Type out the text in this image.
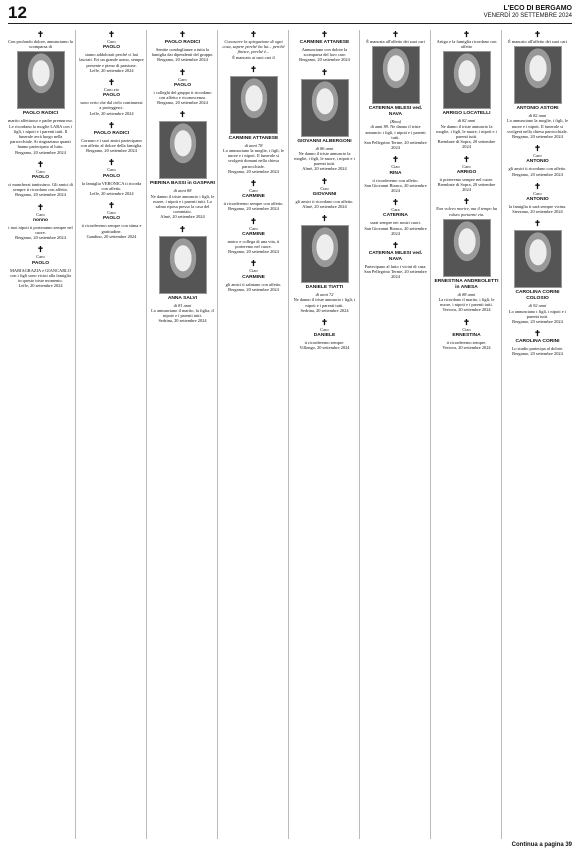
12	L'ECO DI BERGAMO
VENERDÌ 20 SETTEMBRE 2024
✝
Con profondo dolore, annunciamo la scomparsa di
PAOLO RADICI
marito affettuoso e padre premuroso. Le ricordano la moglie LARA con i figli, i nipoti e i parenti tutti. Il funerale avrà luogo nella parrocchiale. Si ringraziano quanti hanno partecipato al lutto.
Bergamo, 20 settembre 2024
✝
Caro
PAOLO
ci mancherai tantissimo. Gli amici di sempre ti ricordano con affetto.
Bergamo, 20 settembre 2024
✝
Caro
nonno
i tuoi nipoti ti porteranno sempre nel cuore.
Bergamo, 20 settembre 2024
✝
Caro
PAOLO
MARIAGRAZIA e GIANCARLO con i figli sono vicini alla famiglia in questo triste momento.
Leffe, 20 settembre 2024
✝
Caro
PAOLO
siamo addolorati perché ci hai lasciati. Eri un grande uomo, sempre presente e pieno di passione.
Leffe, 20 settembre 2024
✝
Caro zio
PAOLO
sono certo che dal cielo continuerai a proteggerci.
Leffe, 20 settembre 2024
✝
PAOLO RADICI
Cornaro e i suoi amici partecipano con affetto al dolore della famiglia.
Bergamo, 20 settembre 2024
✝
Caro
PAOLO
la famiglia VERONICA ti ricorda con affetto.
Leffe, 20 settembre 2024
✝
Caro
PAOLO
ti ricorderemo sempre con stima e gratitudine.
Gandino, 20 settembre 2024
✝
PAOLO RADICI
Sentite condoglianze a tutta la famiglia dai dipendenti del gruppo.
Bergamo, 20 settembre 2024
✝
Caro
PAOLO
i colleghi del gruppo ti ricordano con affetto e riconoscenza.
Bergamo, 20 settembre 2024
✝
PIERINA BASSI in GASPARI
di anni 88
Ne danno il triste annuncio i figli, le nuore, i nipoti e i parenti tutti. La salma riposa presso la casa del commiato.
Almè, 20 settembre 2024
✝
ANNA SALVI
di 81 anni
Lo annunciano il marito, la figlia, il nipote e i parenti tutti.
Sedrina, 20 settembre 2024
✝
Conoscere la spiegazione di ogni cosa, sapere perché ha lui... perché finisce, perché è...
È mancato ai suoi cari il
✝
CARMINE ATTANESE
di anni 78
Lo annunciano la moglie, i figli, le nuore e i nipoti. Il funerale si svolgerà domani nella chiesa parrocchiale.
Bergamo, 20 settembre 2024
✝
Caro
CARMINE
ti ricorderemo sempre con affetto.
Bergamo, 20 settembre 2024
✝
Caro
CARMINE
amico e collega di una vita, ti porteremo nel cuore.
Bergamo, 20 settembre 2024
✝
Ciao
CARMINE
gli amici ti salutano con affetto.
Bergamo, 20 settembre 2024
✝
CARMINE ATTANESE
Annunciano con dolore la scomparsa del loro caro
Bergamo, 20 settembre 2024
✝
GIOVANNI ALBERGONI
di 86 anni
Ne danno il triste annuncio la moglie, i figli, le nuore, i nipoti e i parenti tutti.
Almè, 20 settembre 2024
✝
Ciao
GIOVANNI
gli amici ti ricordano con affetto.
Almè, 20 settembre 2024
✝
DANIELE TIATTI
di anni 72
Ne danno il triste annuncio i figli, i nipoti e i parenti tutti.
Sedrina, 20 settembre 2024
✝
Caro
DANIELE
ti ricorderemo sempre.
Villongo, 20 settembre 2024
✝
È mancata all'affetto dei suoi cari
CATERINA MILESI ved. NAVA
(Rina)
di anni 89. Ne danno il triste annuncio i figli, i nipoti e i parenti tutti.
San Pellegrino Terme, 20 settembre 2024
✝
Ciao
RINA
ti ricorderemo con affetto.
San Giovanni Bianco, 20 settembre 2024
✝
Cara
CATERINA
sarai sempre nei nostri cuori.
San Giovanni Bianco, 20 settembre 2024
✝
CATERINA MILESI ved. NAVA
Partecipano al lutto i vicini di casa.
San Pellegrino Terme, 20 settembre 2024
✝
Artigo e la famiglia ricordano con affetto
ARRIGO LOCATELLI
di 82 anni
Ne danno il triste annuncio la moglie, i figli, le nuore, i nipoti e i parenti tutti.
Brembate di Sopra, 20 settembre 2024
✝
Caro
ARRIGO
ti porteremo sempre nel cuore.
Brembate di Sopra, 20 settembre 2024
✝
Non volevo morire, ma il tempo ha voluto portarmi via.
ERNESTINA ANDREOLETTI in ANESA
di 88 anni
La ricordano il marito, i figli, le nuore, i nipoti e i parenti tutti.
Vertova, 20 settembre 2024
✝
Ciao
ERNESTINA
ti ricorderemo sempre.
Vertova, 20 settembre 2024
✝
È mancato all'affetto dei suoi cari
ANTONIO ASTORI
di 82 anni
Lo annunciano la moglie, i figli, le nuore e i nipoti. Il funerale si svolgerà nella chiesa parrocchiale.
Bergamo, 20 settembre 2024
✝
Caro
ANTONIO
gli amici ti ricordano con affetto.
Bergamo, 20 settembre 2024
✝
Caro
ANTONIO
la famiglia ti sarà sempre vicina.
Stezzano, 20 settembre 2024
✝
CAROLINA CORINI COLOSIO
di 92 anni
Lo annunciano i figli, i nipoti e i parenti tutti.
Bergamo, 20 settembre 2024
✝
CAROLINA CORINI
Lo studio partecipa al dolore.
Bergamo, 20 settembre 2024
Continua a pagina 39
